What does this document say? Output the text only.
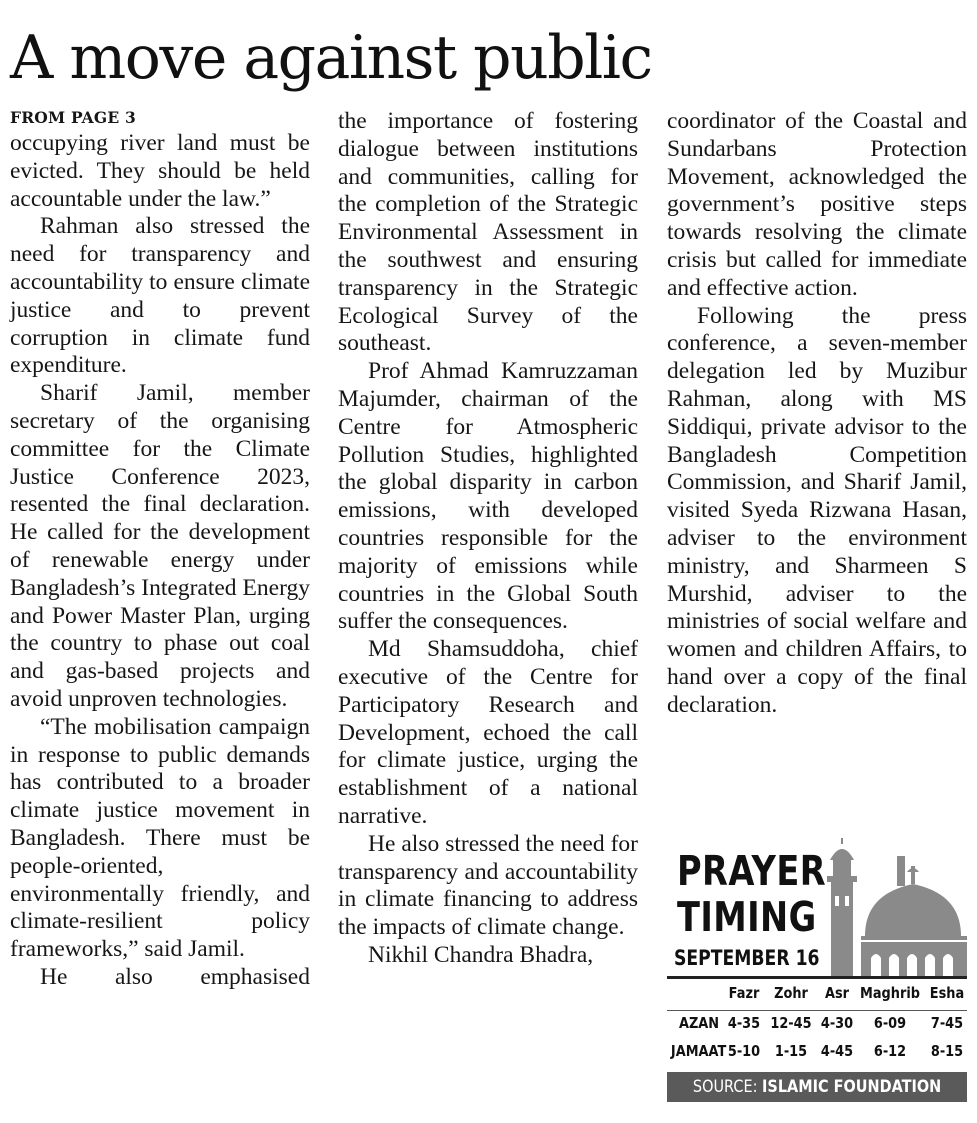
A move against public

FROM PAGE 3

occupying river land must be evicted. They should be held accountable under the law.”

Rahman also stressed the need for transparency and accountability to ensure climate justice and to prevent corruption in climate fund expenditure.

Sharif Jamil, member secretary of the organising committee for the Climate Justice Conference 2023, resented the final declaration. He called for the development of renewable energy under Bangladesh’s Integrated Energy and Power Master Plan, urging the country to phase out coal and gas-based projects and avoid unproven technologies.

“The mobilisation campaign in response to public demands has contributed to a broader climate justice movement in Bangladesh. There must be people-oriented, environmentally friendly, and climate-resilient policy frameworks,” said Jamil.

He also emphasised

the importance of fostering dialogue between institutions and communities, calling for the completion of the Strategic Environmental Assessment in the southwest and ensuring transparency in the Strategic Ecological Survey of the southeast.

Prof Ahmad Kamruzzaman Majumder, chairman of the Centre for Atmospheric Pollution Studies, highlighted the global disparity in carbon emissions, with developed countries responsible for the majority of emissions while countries in the Global South suffer the consequences.

Md Shamsuddoha, chief executive of the Centre for Participatory Research and Development, echoed the call for climate justice, urging the establishment of a national narrative.

He also stressed the need for transparency and accountability in climate financing to address the impacts of climate change.

Nikhil Chandra Bhadra,

coordinator of the Coastal and Sundarbans Protection Movement, acknowledged the government’s positive steps towards resolving the climate crisis but called for immediate and effective action.

Following the press conference, a seven-member delegation led by Muzibur Rahman, along with MS Siddiqui, private advisor to the Bangladesh Competition Commission, and Sharif Jamil, visited Syeda Rizwana Hasan, adviser to the environment ministry, and Sharmeen S Murshid, adviser to the ministries of social welfare and women and children Affairs, to hand over a copy of the final declaration.

PRAYER
TIMING
SEPTEMBER 16
Fazr Zohr	Asr Maghrib Esha
AZAN 4-35 12-45 4-30	6-09	7-45
JAMAAT 5-10 1-15 4-45	6-12	8-15
SOURCE: ISLAMIC FOUNDATION
